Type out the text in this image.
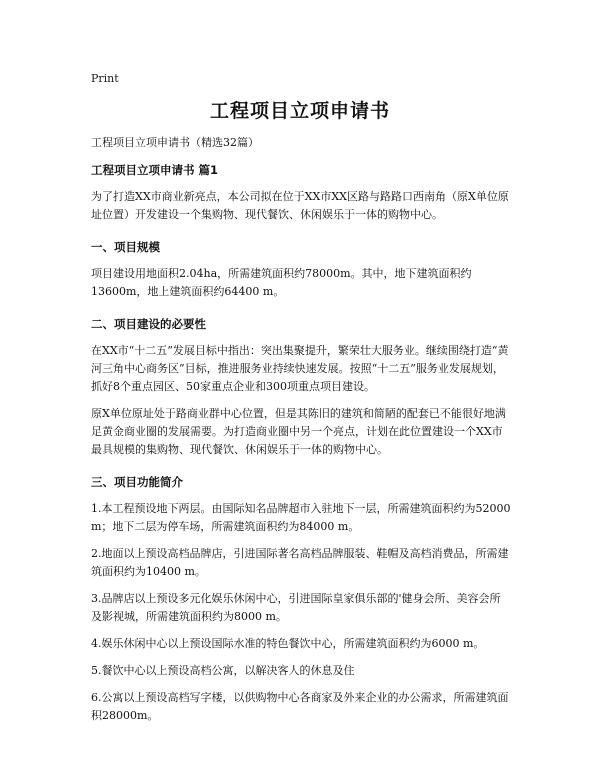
Print
工程项目立项申请书

工程项目立项申请书（精选32篇）

工程项目立项申请书 篇1

为了打造XX市商业新亮点，本公司拟在位于XX市XX区路与路路口西南角（原X单位原址位置）开发建设一个集购物、现代餐饮、休闲娱乐于一体的购物中心。

一、项目规模

项目建设用地面积2.04ha，所需建筑面积约78000m。其中，地下建筑面积约13600m，地上建筑面积约64400 m。

二、项目建设的必要性

在XX市“十二五”发展目标中指出：突出集聚提升，繁荣壮大服务业。继续围绕打造“黄河三角中心商务区”目标，推进服务业持续快速发展。按照“十二五”服务业发展规划，抓好8个重点园区、50家重点企业和300项重点项目建设。

原X单位原址处于路商业群中心位置，但是其陈旧的建筑和简陋的配套已不能很好地满足黄金商业圈的发展需要。为打造商业圈中另一个亮点，计划在此位置建设一个XX市最具规模的集购物、现代餐饮、休闲娱乐于一体的购物中心。

三、项目功能简介

1.本工程预设地下两层。由国际知名品牌超市入驻地下一层，所需建筑面积约为52000 m；地下二层为停车场，所需建筑面积约为84000 m。

2.地面以上预设高档品牌店，引进国际著名高档品牌服装、鞋帽及高档消费品，所需建筑面积约为10400 m。

3.品牌店以上预设多元化娱乐休闲中心，引进国际皇家俱乐部的'健身会所、美容会所及影视城，所需建筑面积约为8000 m。

4.娱乐休闲中心以上预设国际水准的特色餐饮中心，所需建筑面积约为6000 m。

5.餐饮中心以上预设高档公寓，以解决客人的休息及住

6.公寓以上预设高档写字楼，以供购物中心各商家及外来企业的办公需求，所需建筑面积28000m。
